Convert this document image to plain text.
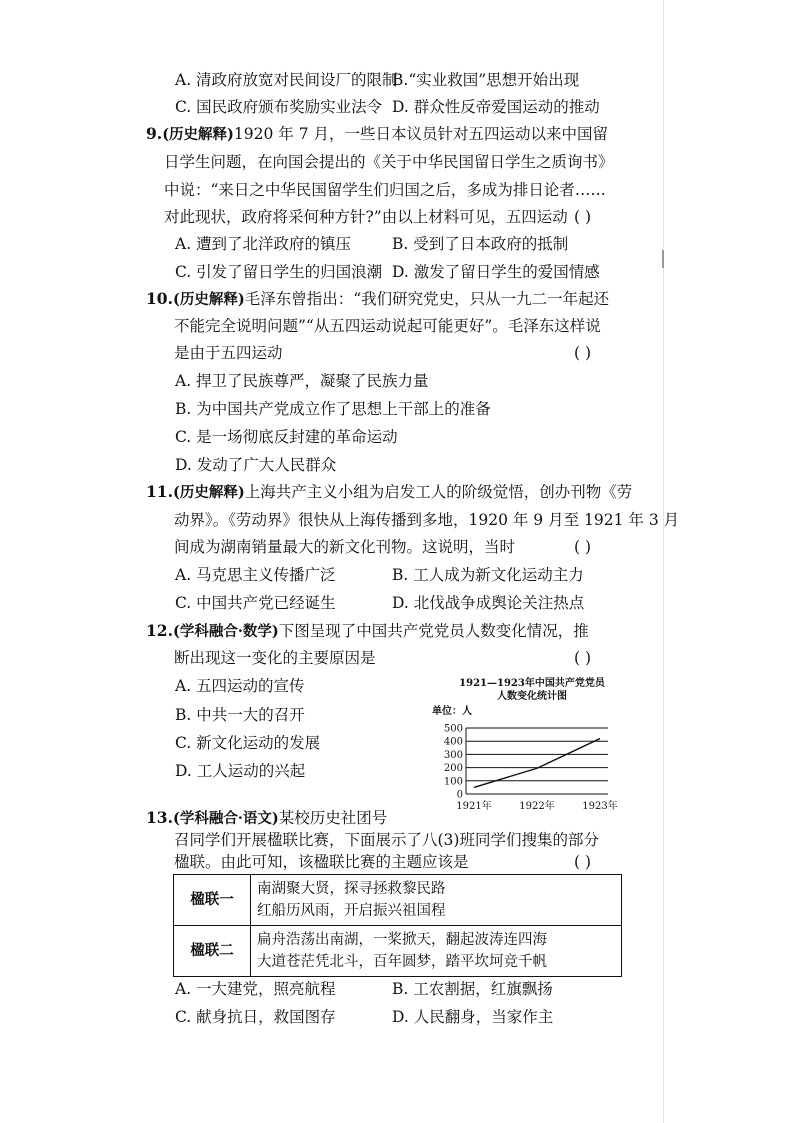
A. 清政府放宽对民间设厂的限制
B.“实业救国”思想开始出现
C. 国民政府颁布奖励实业法令 D. 群众性反帝爱国运动的推动
9.(历史解释)1920 年 7 月，一些日本议员针对五四运动以来中国留
日学生问题，在向国会提出的《关于中华民国留日学生之质询书》
中说：“来日之中华民国留学生们归国之后，多成为排日论者……
对此现状，政府将采何种方针?”由以上材料可见，五四运动 ( )
A. 遭到了北洋政府的镇压	B. 受到了日本政府的抵制
C. 引发了留日学生的归国浪潮 D. 激发了留日学生的爱国情感
10.(历史解释)毛泽东曾指出：“我们研究党史，只从一九二一年起还
不能完全说明问题”“从五四运动说起可能更好”。毛泽东这样说
是由于五四运动	( )
A. 捍卫了民族尊严，凝聚了民族力量
B. 为中国共产党成立作了思想上干部上的准备
C. 是一场彻底反封建的革命运动
D. 发动了广大人民群众
11.(历史解释)上海共产主义小组为启发工人的阶级觉悟，创办刊物《劳
动界》。《劳动界》很快从上海传播到多地，1920 年 9 月至 1921 年 3 月
间成为湖南销量最大的新文化刊物。这说明，当时	( )
A. 马克思主义传播广泛	B. 工人成为新文化运动主力
C. 中国共产党已经诞生	D. 北伐战争成舆论关注热点
12.(学科融合·数学)下图呈现了中国共产党党员人数变化情况，推
断出现这一变化的主要原因是	( )
A. 五四运动的宣传
B. 中共一大的召开
C. 新文化运动的发展
D. 工人运动的兴起
1921—1923年中国共产党党员
人数变化统计图
单位：人
0
100
200
300
400
500
1921年	1922年	1923年
13.(学科融合·语文)某校历史社团号
召同学们开展楹联比赛，下面展示了八(3)班同学们搜集的部分
楹联一	南湖聚大贤，探寻拯救黎民路
红船历风雨，开启振兴祖国程

楹联二	扁舟浩荡出南湖，一桨掀天，翻起波涛连四海
大道苍茫凭北斗，百年圆梦，踏平坎坷竞千帆
A. 一大建党，照亮航程	B. 工农割据，红旗飘扬
C. 献身抗日，救国图存	D. 人民翻身，当家作主
楹联。由此可知，该楹联比赛的主题应该是	( )
